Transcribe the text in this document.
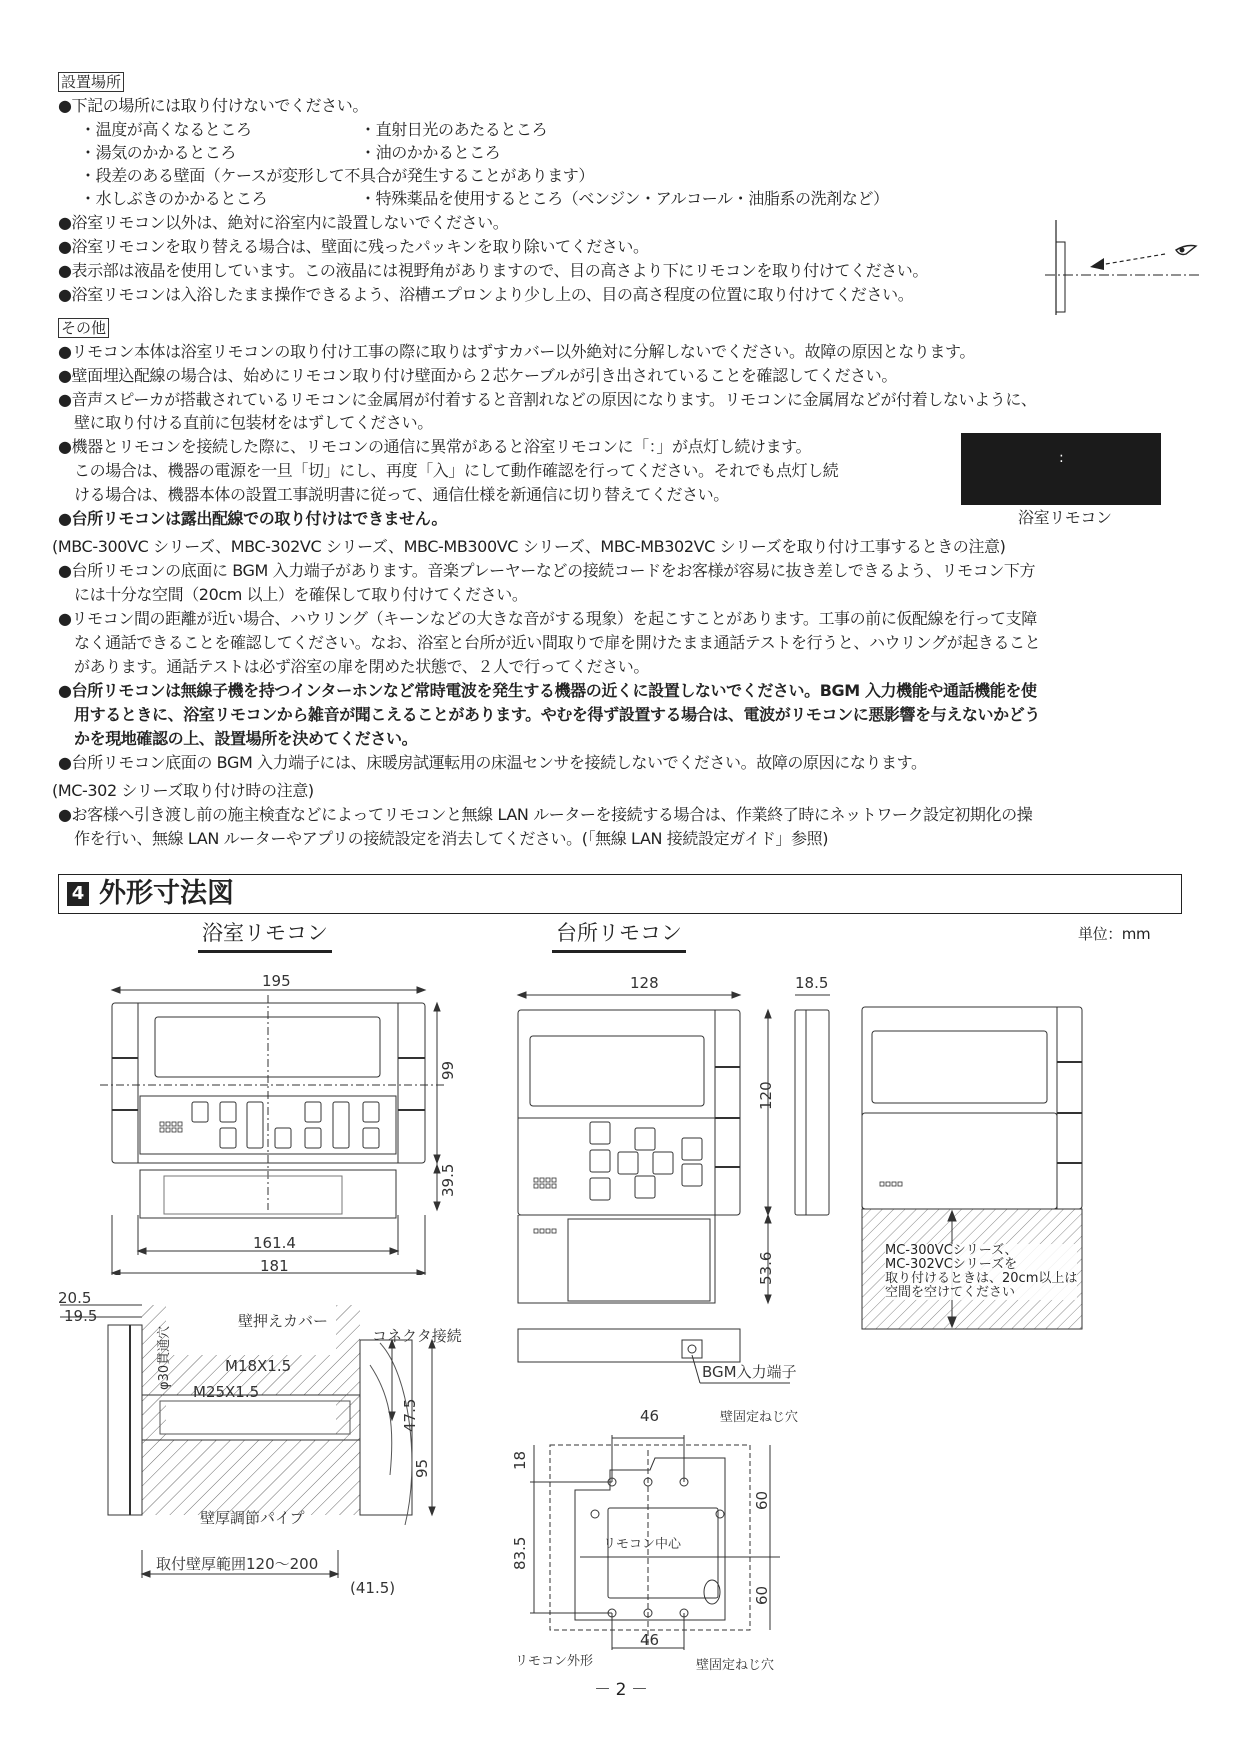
設置場所
●下記の場所には取り付けないでください。
・温度が高くなるところ	・直射日光のあたるところ
・湯気のかかるところ	・油のかかるところ
・段差のある壁面（ケースが変形して不具合が発生することがあります）
・水しぶきのかかるところ	・特殊薬品を使用するところ（ベンジン・アルコール・油脂系の洗剤など）
●浴室リモコン以外は、絶対に浴室内に設置しないでください。
●浴室リモコンを取り替える場合は、壁面に残ったパッキンを取り除いてください。
●表示部は液晶を使用しています。この液晶には視野角がありますので、目の高さより下にリモコンを取り付けてください。
●浴室リモコンは入浴したまま操作できるよう、浴槽エプロンより少し上の、目の高さ程度の位置に取り付けてください。
その他
●リモコン本体は浴室リモコンの取り付け工事の際に取りはずすカバー以外絶対に分解しないでください。故障の原因となります。
●壁面埋込配線の場合は、始めにリモコン取り付け壁面から２芯ケーブルが引き出されていることを確認してください。
●音声スピーカが搭載されているリモコンに金属屑が付着すると音割れなどの原因になります。リモコンに金属屑などが付着しないように、
壁に取り付ける直前に包装材をはずしてください。
●機器とリモコンを接続した際に、リモコンの通信に異常があると浴室リモコンに「：」が点灯し続けます。
この場合は、機器の電源を一旦「切」にし、再度「入」にして動作確認を行ってください。それでも点灯し続
ける場合は、機器本体の設置工事説明書に従って、通信仕様を新通信に切り替えてください。
●台所リモコンは露出配線での取り付けはできません。
:
浴室リモコン
(MBC-300VC シリーズ、MBC-302VC シリーズ、MBC-MB300VC シリーズ、MBC-MB302VC シリーズを取り付け工事するときの注意)
●台所リモコンの底面に BGM 入力端子があります。音楽プレーヤーなどの接続コードをお客様が容易に抜き差しできるよう、リモコン下方
には十分な空間（20cm 以上）を確保して取り付けてください。
●リモコン間の距離が近い場合、ハウリング（キーンなどの大きな音がする現象）を起こすことがあります。工事の前に仮配線を行って支障
なく通話できることを確認してください。なお、浴室と台所が近い間取りで扉を開けたまま通話テストを行うと、ハウリングが起きること
があります。通話テストは必ず浴室の扉を閉めた状態で、２人で行ってください。
●台所リモコンは無線子機を持つインターホンなど常時電波を発生する機器の近くに設置しないでください。BGM 入力機能や通話機能を使
用するときに、浴室リモコンから雑音が聞こえることがあります。やむを得ず設置する場合は、電波がリモコンに悪影響を与えないかどう
かを現地確認の上、設置場所を決めてください。
●台所リモコン底面の BGM 入力端子には、床暖房試運転用の床温センサを接続しないでください。故障の原因になります。
(MC-302 シリーズ取り付け時の注意)
●お客様へ引き渡し前の施主検査などによってリモコンと無線 LAN ルーターを接続する場合は、作業終了時にネットワーク設定初期化の操
作を行い、無線 LAN ルーターやアプリの接続設定を消去してください。(「無線 LAN 接続設定ガイド」参照)
4 外形寸法図
浴室リモコン	台所リモコン	単位：mm
195
99
39.5
161.4
181
128	18.5
120
53.6
BGM入力端子
MC-300VCシリーズ、
MC-302VCシリーズを
取り付けるときは、20cm以上は
空間を空けてください
20.5
19.5
φ30貫通穴
壁押えカバー
コネクタ接続
M18X1.5
M25X1.5
47.5
95
壁厚調節パイプ
取付壁厚範囲120〜200
(41.5)
46	壁固定ねじ穴
18
83.5
60
60
リモコン中心
46
リモコン外形	壁固定ねじ穴
－ 2 －
